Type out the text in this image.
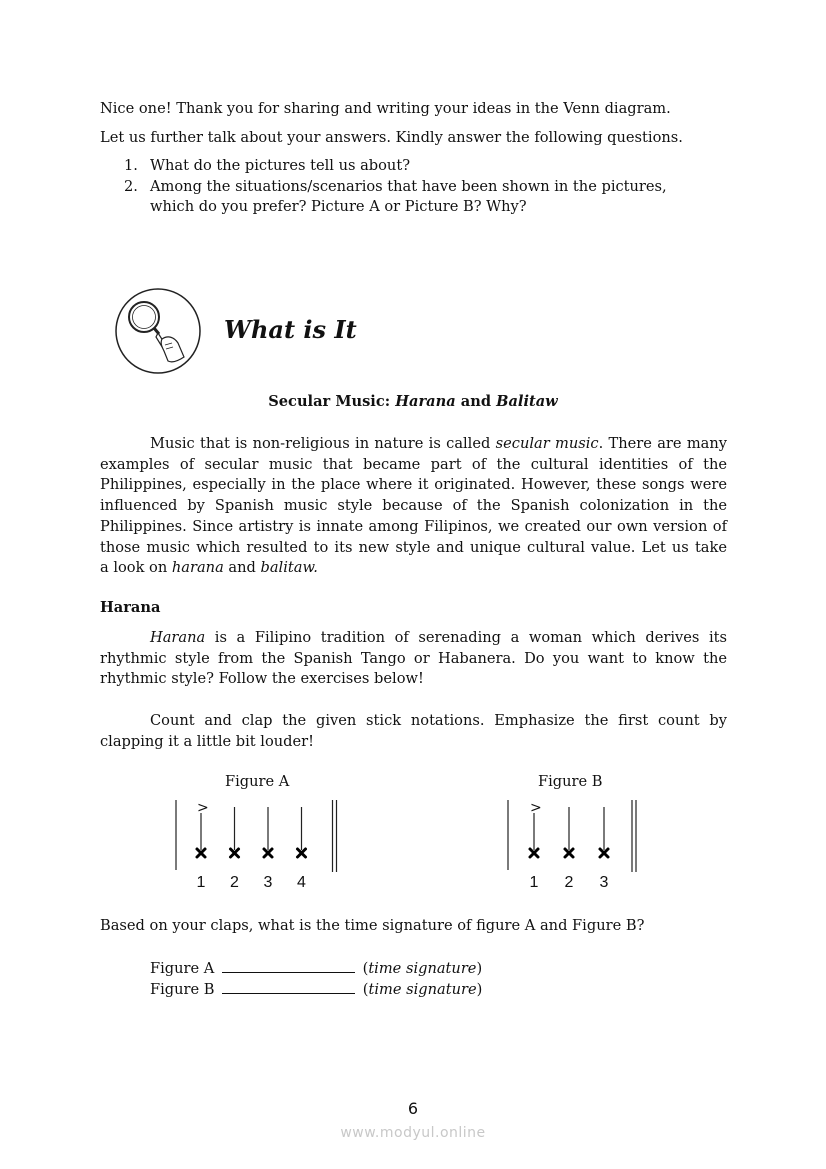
Nice one! Thank you for sharing and writing your ideas in the Venn diagram.
Let us further talk about your answers. Kindly answer the following questions.
1. What do the pictures tell us about?
2. Among the situations/scenarios that have been shown in the pictures,
which do you prefer? Picture A or Picture B? Why?
What is It
Secular Music: Harana and Balitaw
Music that is non-religious in nature is called secular music. There are many
examples of secular music that became part of the cultural identities of the
Philippines, especially in the place where it originated. However, these songs were
influenced by Spanish music style because of the Spanish colonization in the
Philippines. Since artistry is innate among Filipinos, we created our own version of
those music which resulted to its new style and unique cultural value. Let us take
a look on harana and balitaw.
Harana
Harana is a Filipino tradition of serenading a woman which derives its
rhythmic style from the Spanish Tango or Habanera. Do you want to know the
rhythmic style? Follow the exercises below!
Count and clap the given stick notations. Emphasize the first count by
clapping it a little bit louder!
Figure A	Figure B
>
1 2 3 4
>
1 2 3
Based on your claps, what is the time signature of figure A and Figure B?
Figure A	(time signature)
Figure B	(time signature)
6
www.modyul.online
